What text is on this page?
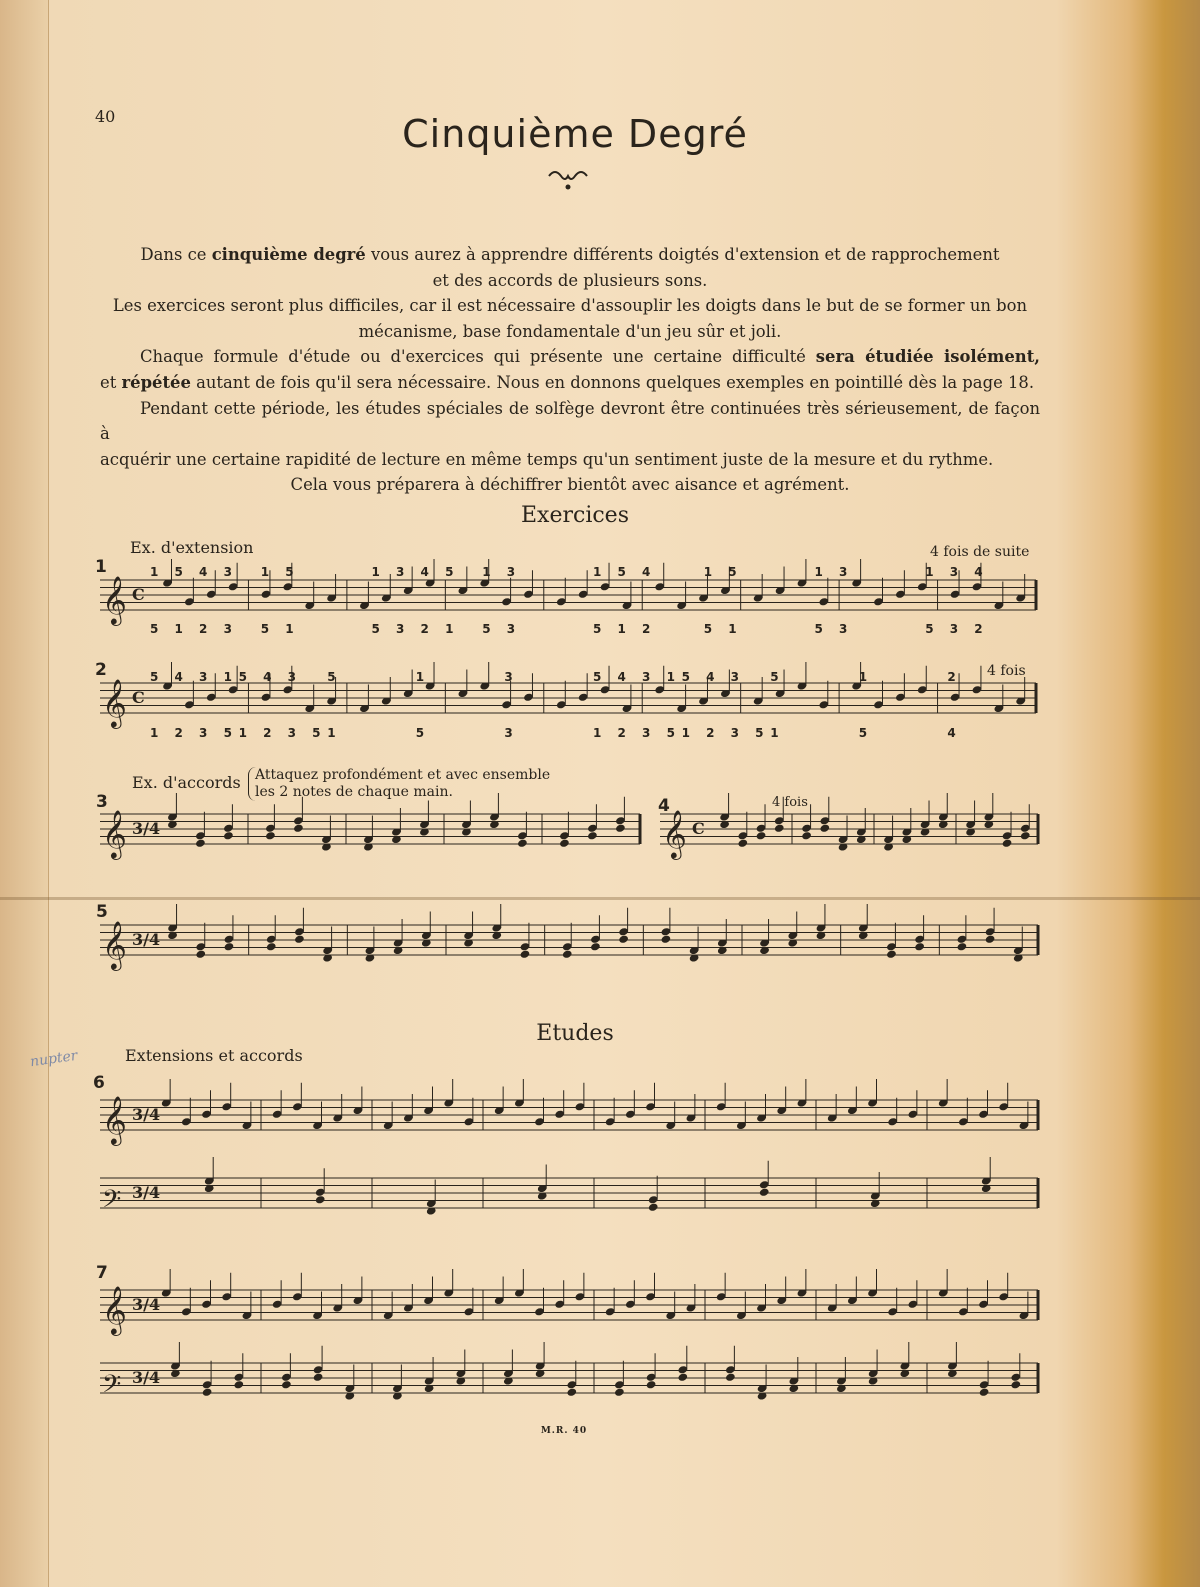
40	Cinquième Degré

Dans ce cinquième degré vous aurez à apprendre différents doigtés d'extension et de rapprochement

et des accords de plusieurs sons.

Les exercices seront plus difficiles, car il est nécessaire d'assouplir les doigts dans le but de se former un bon

mécanisme, base fondamentale d'un jeu sûr et joli.

Chaque formule d'étude ou d'exercices qui présente une certaine difficulté sera étudiée isolément,

et répétée autant de fois qu'il sera nécessaire. Nous en donnons quelques exemples en pointillé dès la page 18.

Pendant cette période, les études spéciales de solfège devront être continuées très sérieusement, de façon à

acquérir une certaine rapidité de lecture en même temps qu'un sentiment juste de la mesure et du rythme.

Cela vous préparera à déchiffrer bientôt avec aisance et agrément.

Exercices
Ex. d'extension	4 fois de suite
4 fois
Ex. d'accords Attaquez profondément et avec ensemble
les 2 notes de chaque main.
4 fois
1
2
3	4
5
Etudes
Extensions et accords
6
7
nupter
M.R. 40
𝄞 C
𝄞 C
𝄞 3/4	𝄞 C
𝄞 3/4
𝄞 3/4
𝄢 3/4
𝄞 3/4
𝄢 3/4
1 5 4 3 1 5	1 3 4 5 1 3	1 5 4	1 5	1 3	1 3 4
5 1 2 3 5 1	5 3 2 1 5 3	5 1 2	5 1	5 3	5 3 2
5 4 3 1 5 4 3 5	1	3	5 4 3 1 5 4 3 5	1	2
1 2 3 5 1 2 3 5 1	5	3	1 2 3 5 1 2 3 5 1	5	4
